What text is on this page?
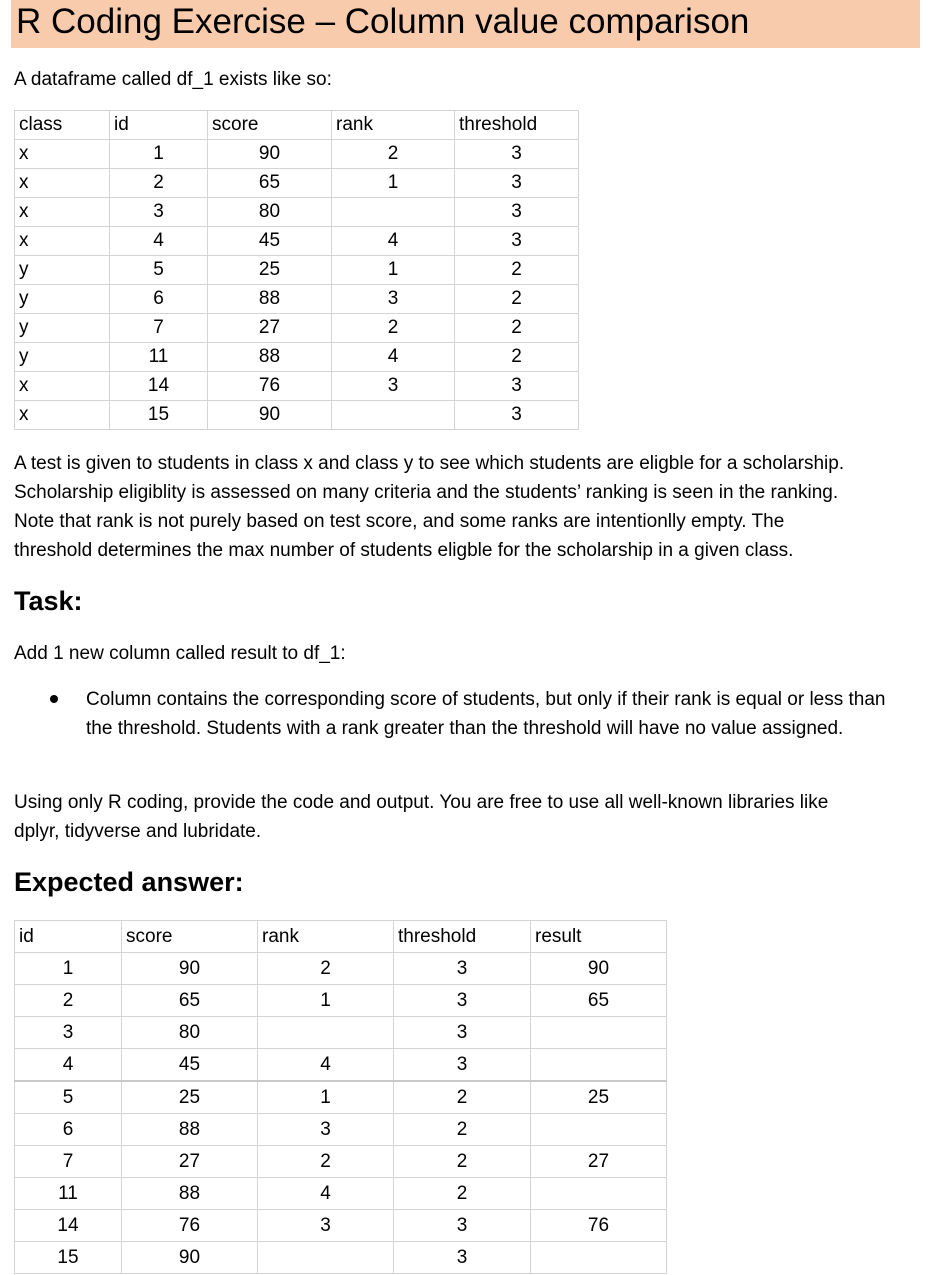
R Coding Exercise – Column value comparison
A dataframe called df_1 exists like so:
class	id	score	rank	threshold
x	1	90	2	3
x	2	65	1	3
x	3	80		3
x	4	45	4	3
y	5	25	1	2
y	6	88	3	2
y	7	27	2	2
y	11	88	4	2
x	14	76	3	3
x	15	90		3
A test is given to students in class x and class y to see which students are eligble for a scholarship.
Scholarship eligiblity is assessed on many criteria and the students’ ranking is seen in the ranking.
Note that rank is not purely based on test score, and some ranks are intentionlly empty. The
threshold determines the max number of students eligble for the scholarship in a given class.
Task:
Add 1 new column called result to df_1:
Column contains the corresponding score of students, but only if their rank is equal or less than the threshold. Students with a rank greater than the threshold will have no value assigned.
Using only R coding, provide the code and output. You are free to use all well-known libraries like
dplyr, tidyverse and lubridate.
Expected answer:
id	score	rank	threshold	result
1	90	2	3	90
2	65	1	3	65
3	80		3	
4	45	4	3	
5	25	1	2	25
6	88	3	2	
7	27	2	2	27
11	88	4	2	
14	76	3	3	76
15	90		3	
